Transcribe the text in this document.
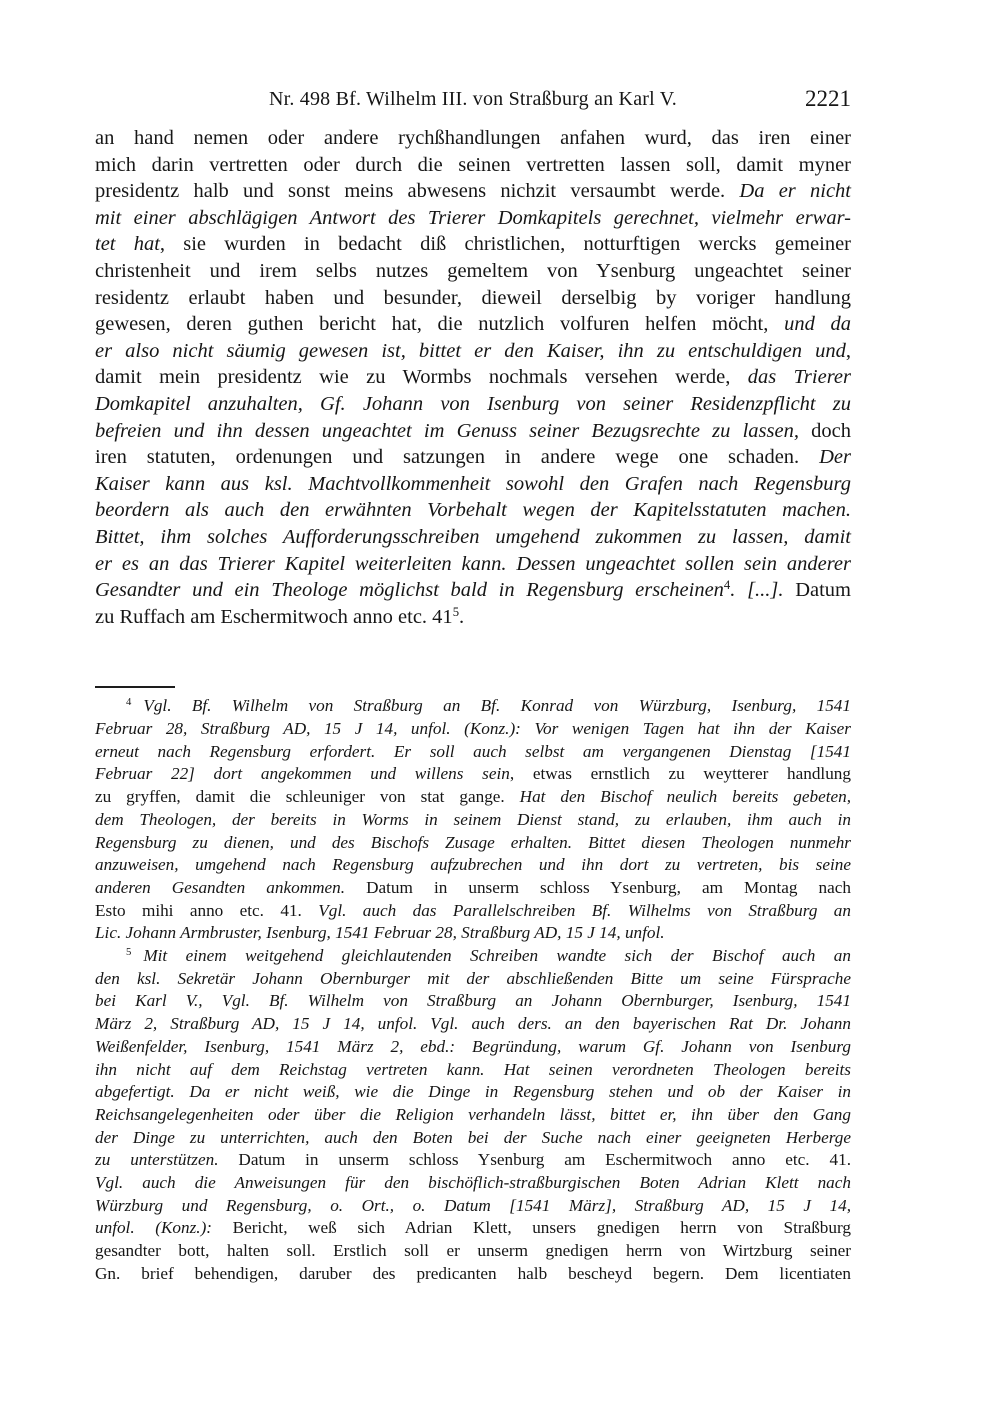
Nr. 498 Bf. Wilhelm III. von Straßburg an Karl V.	2221
an hand nemen oder andere rychßhandlungen anfahen wurd, das iren einer
mich darin vertretten oder durch die seinen vertretten lassen soll, damit myner
presidentz halb und sonst meins abwesens nichzit versaumbt werde. Da er nicht
mit einer abschlägigen Antwort des Trierer Domkapitels gerechnet, vielmehr erwar-
tet hat, sie wurden in bedacht diß christlichen, notturftigen wercks gemeiner
christenheit und irem selbs nutzes gemeltem von Ysenburg ungeachtet seiner
residentz erlaubt haben und besunder, dieweil derselbig by voriger handlung
gewesen, deren guthen bericht hat, die nutzlich volfuren helfen möcht, und da
er also nicht säumig gewesen ist, bittet er den Kaiser, ihn zu entschuldigen und,
damit mein presidentz wie zu Wormbs nochmals versehen werde, das Trierer
Domkapitel anzuhalten, Gf. Johann von Isenburg von seiner Residenzpflicht zu
befreien und ihn dessen ungeachtet im Genuss seiner Bezugsrechte zu lassen, doch
iren statuten, ordenungen und satzungen in andere wege one schaden. Der
Kaiser kann aus ksl. Machtvollkommenheit sowohl den Grafen nach Regensburg
beordern als auch den erwähnten Vorbehalt wegen der Kapitelsstatuten machen.
Bittet, ihm solches Aufforderungsschreiben umgehend zukommen zu lassen, damit
er es an das Trierer Kapitel weiterleiten kann. Dessen ungeachtet sollen sein anderer
Gesandter und ein Theologe möglichst bald in Regensburg erscheinen$^4$. [...]. Datum
zu Ruffach am Eschermitwoch anno etc. $41^5$.
$^4$ Vgl. Bf. Wilhelm von Straßburg an Bf. Konrad von Würzburg, Isenburg, 1541
Februar 28, Straßburg AD, 15 J 14, unfol. (Konz.): Vor wenigen Tagen hat ihn der Kaiser
erneut nach Regensburg erfordert. Er soll auch selbst am vergangenen Dienstag [1541
Februar 22] dort angekommen und willens sein, etwas ernstlich zu weytterer handlung
zu gryffen, damit die schleuniger von stat gange. Hat den Bischof neulich bereits gebeten,
dem Theologen, der bereits in Worms in seinem Dienst stand, zu erlauben, ihm auch in
Regensburg zu dienen, und des Bischofs Zusage erhalten. Bittet diesen Theologen nunmehr
anzuweisen, umgehend nach Regensburg aufzubrechen und ihn dort zu vertreten, bis seine
anderen Gesandten ankommen. Datum in unserm schloss Ysenburg, am Montag nach
Esto mihi anno etc. 41. Vgl. auch das Parallelschreiben Bf. Wilhelms von Straßburg an
Lic. Johann Armbruster, Isenburg, 1541 Februar 28, Straßburg AD, 15 J 14, unfol.
$^5$ Mit einem weitgehend gleichlautenden Schreiben wandte sich der Bischof auch an
den ksl. Sekretär Johann Obernburger mit der abschließenden Bitte um seine Fürsprache
bei Karl V., Vgl. Bf. Wilhelm von Straßburg an Johann Obernburger, Isenburg, 1541
März 2, Straßburg AD, 15 J 14, unfol. Vgl. auch ders. an den bayerischen Rat Dr. Johann
Weißenfelder, Isenburg, 1541 März 2, ebd.: Begründung, warum Gf. Johann von Isenburg
ihn nicht auf dem Reichstag vertreten kann. Hat seinen verordneten Theologen bereits
abgefertigt. Da er nicht weiß, wie die Dinge in Regensburg stehen und ob der Kaiser in
Reichsangelegenheiten oder über die Religion verhandeln lässt, bittet er, ihn über den Gang
der Dinge zu unterrichten, auch den Boten bei der Suche nach einer geeigneten Herberge
zu unterstützen. Datum in unserm schloss Ysenburg am Eschermitwoch anno etc. 41.
Vgl. auch die Anweisungen für den bischöflich-straßburgischen Boten Adrian Klett nach
Würzburg und Regensburg, o. Ort., o. Datum [1541 März], Straßburg AD, 15 J 14,
unfol. (Konz.): Bericht, weß sich Adrian Klett, unsers gnedigen herrn von Straßburg
gesandter bott, halten soll. Erstlich soll er unserm gnedigen herrn von Wirtzburg seiner
Gn. brief behendigen, daruber des predicanten halb bescheyd begern. Dem licentiaten
